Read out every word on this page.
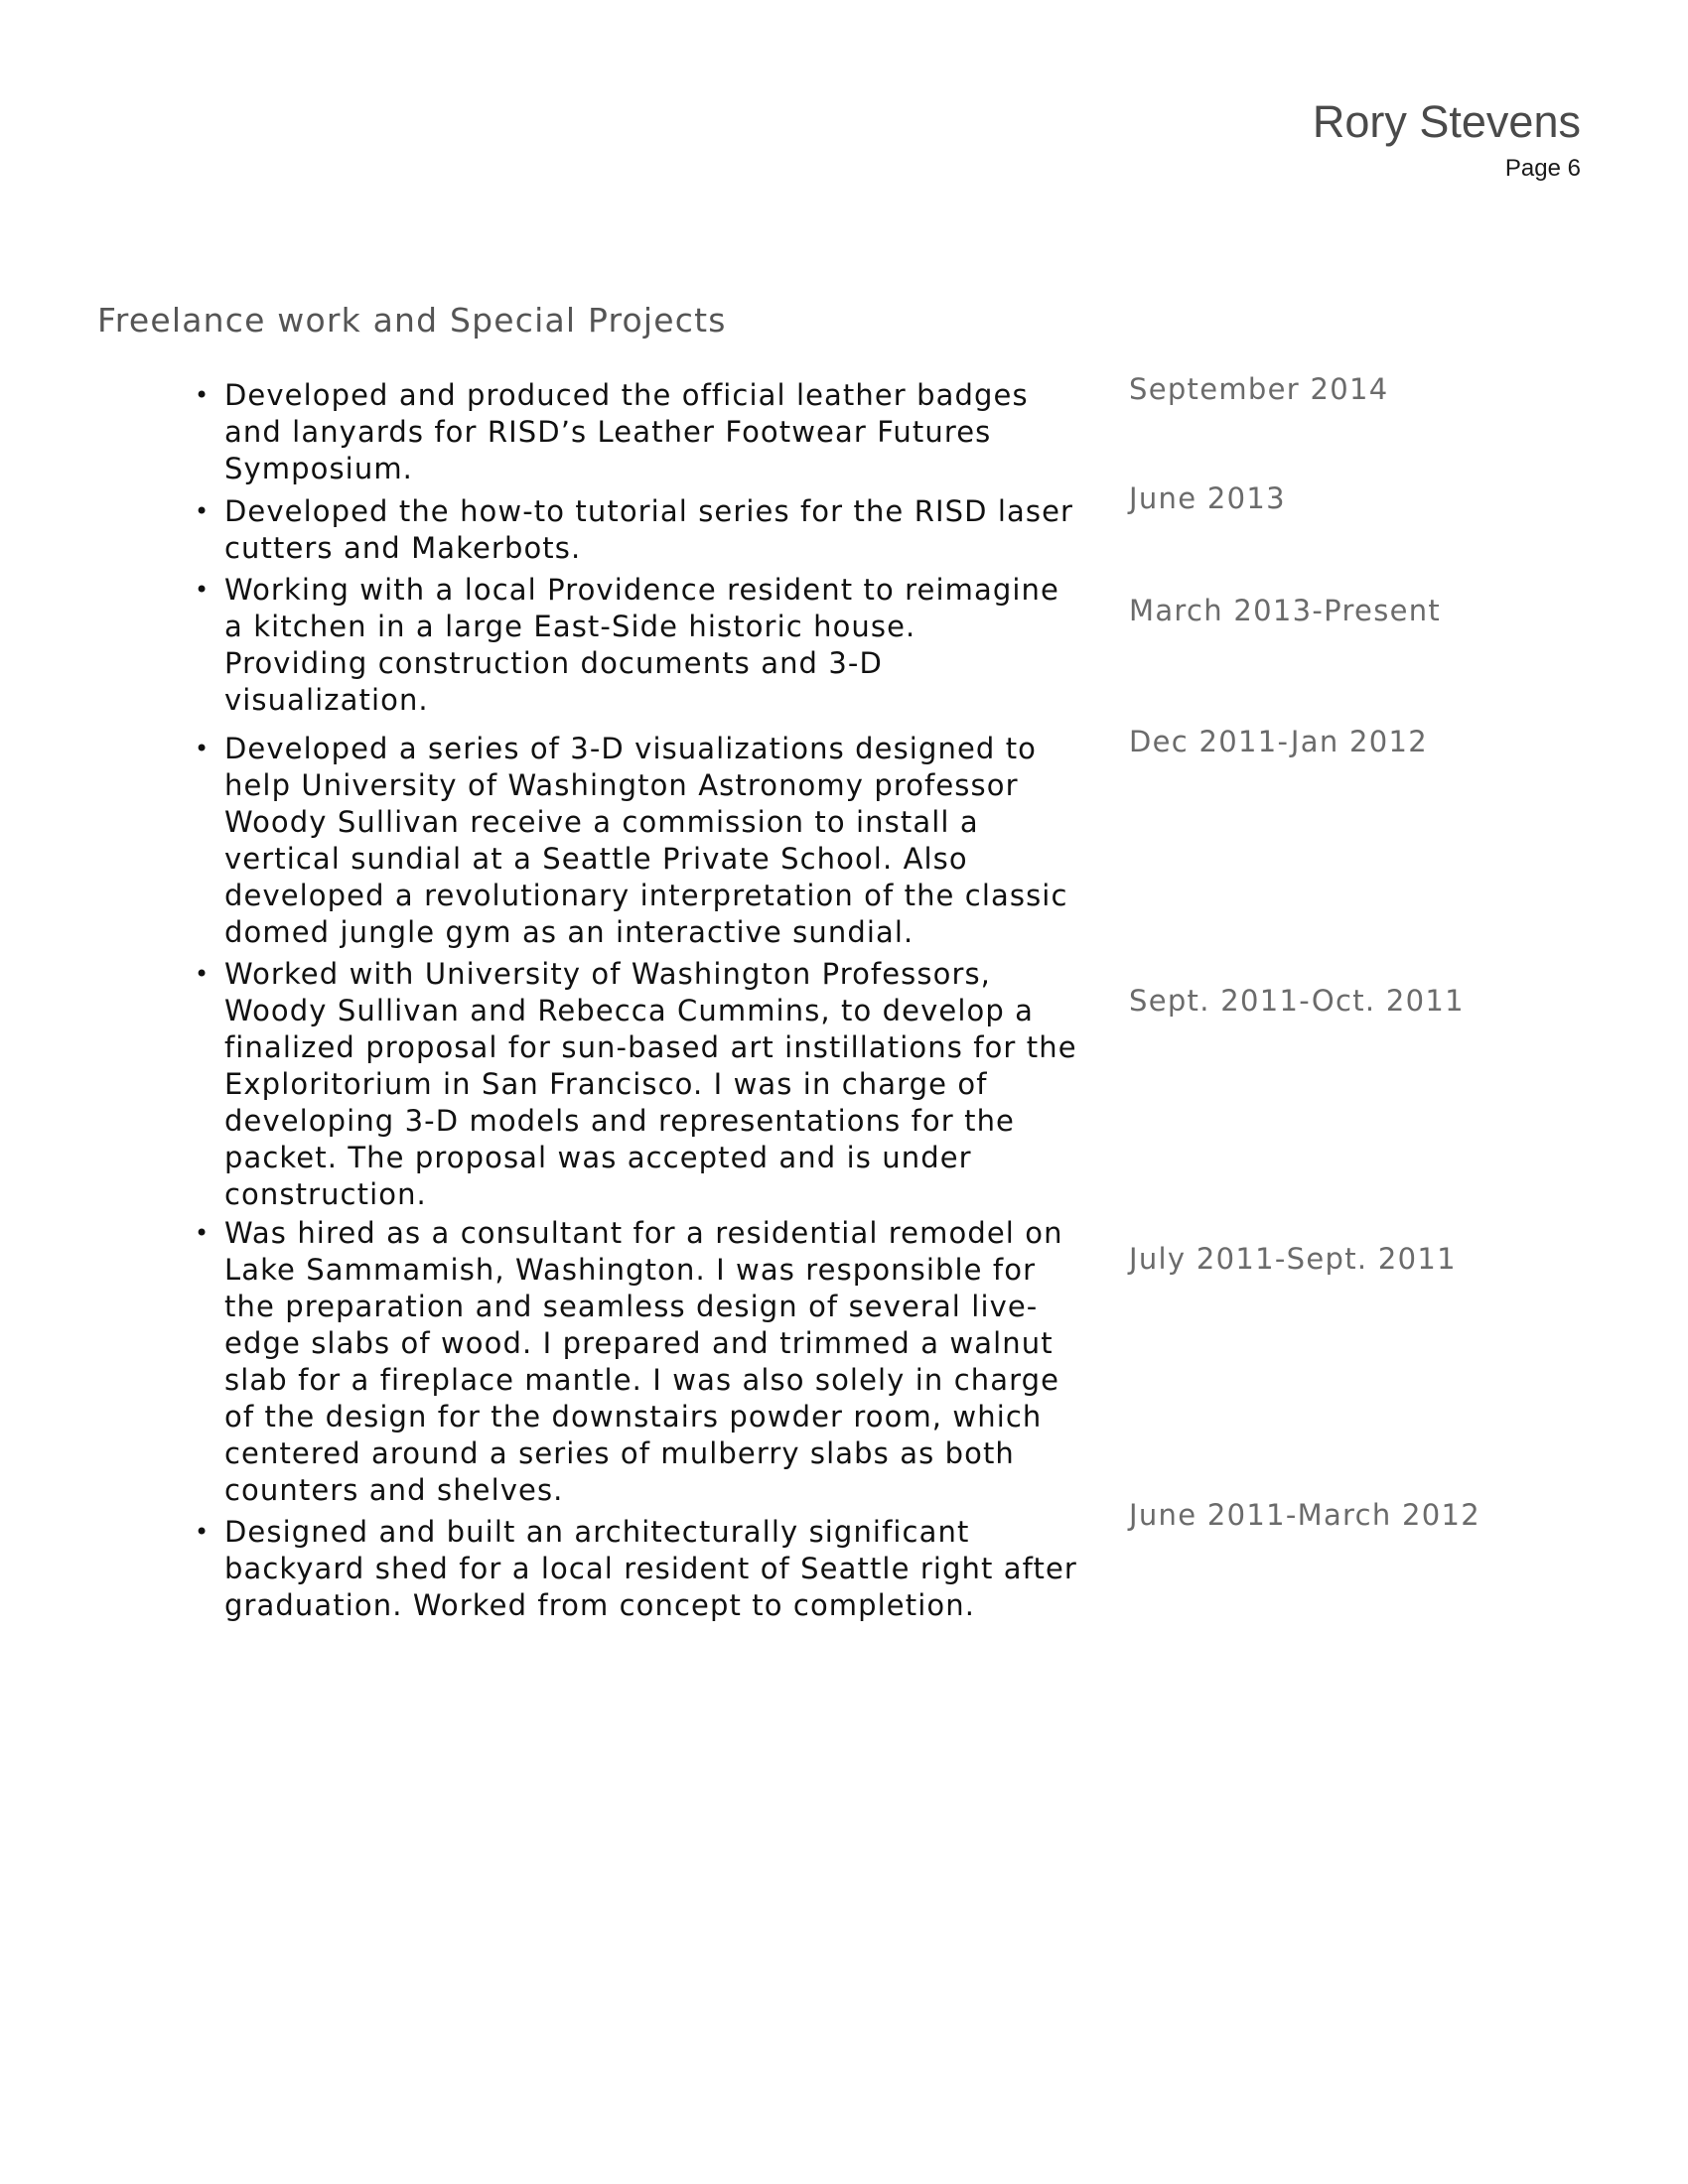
Rory Stevens
Page 6
Freelance work and Special Projects
• Developed and produced the official leather badges
and lanyards for RISD’s Leather Footwear Futures
Symposium.
September 2014
• Developed the how-to tutorial series for the RISD laser
cutters and Makerbots.
June 2013
• Working with a local Providence resident to reimagine
a kitchen in a large East-Side historic house.
Providing construction documents and 3-D
visualization.
March 2013-Present
• Developed a series of 3-D visualizations designed to
help University of Washington Astronomy professor
Woody Sullivan receive a commission to install a
vertical sundial at a Seattle Private School. Also
developed a revolutionary interpretation of the classic
domed jungle gym as an interactive sundial.
Dec 2011-Jan 2012
• Worked with University of Washington Professors,
Woody Sullivan and Rebecca Cummins, to develop a
finalized proposal for sun-based art instillations for the
Exploritorium in San Francisco. I was in charge of
developing 3-D models and representations for the
packet. The proposal was accepted and is under
construction.
Sept. 2011-Oct. 2011
• Was hired as a consultant for a residential remodel on
Lake Sammamish, Washington. I was responsible for
the preparation and seamless design of several live-
edge slabs of wood. I prepared and trimmed a walnut
slab for a fireplace mantle. I was also solely in charge
of the design for the downstairs powder room, which
centered around a series of mulberry slabs as both
counters and shelves.
July 2011-Sept. 2011
• Designed and built an architecturally significant
backyard shed for a local resident of Seattle right after
graduation. Worked from concept to completion.
June 2011-March 2012
